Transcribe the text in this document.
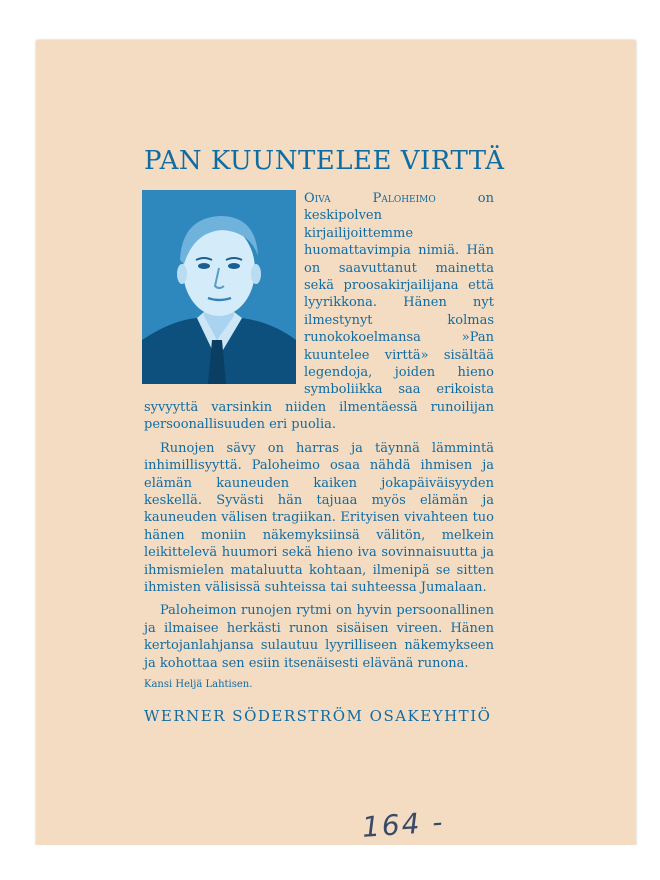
PAN KUUNTELEE VIRTTÄ

Oiva Paloheimo on keskipolven kirjailijoittemme huomattavimpia nimiä. Hän on saavuttanut mainetta sekä proosakirjailijana että lyyrikkona. Hänen nyt ilmestynyt kolmas runokokoelmansa »Pan kuuntelee virttä» sisältää legendoja, joiden hieno symboliikka saa erikoista syvyyttä varsinkin niiden ilmentäessä runoilijan persoonallisuuden eri puolia.

Runojen sävy on harras ja täynnä lämmintä inhimillisyyttä. Paloheimo osaa nähdä ihmisen ja elämän kauneuden kaiken jokapäiväisyyden keskellä. Syvästi hän tajuaa myös elämän ja kauneuden välisen tragiikan. Erityisen vivahteen tuo hänen moniin näkemyksiinsä välitön, melkein leikittelevä huumori sekä hieno iva sovinnaisuutta ja ihmismielen mataluutta kohtaan, ilmenipä se sitten ihmisten välisissä suhteissa tai suhteessa Jumalaan.

Paloheimon runojen rytmi on hyvin persoonallinen ja ilmaisee herkästi runon sisäisen vireen. Hänen kertojanlahjansa sulautuu lyyrilliseen näkemykseen ja kohottaa sen esiin itsenäisesti elävänä runona.

Kansi Heljä Lahtisen.
WERNER SÖDERSTRÖM OSAKEYHTIÖ
164 -
